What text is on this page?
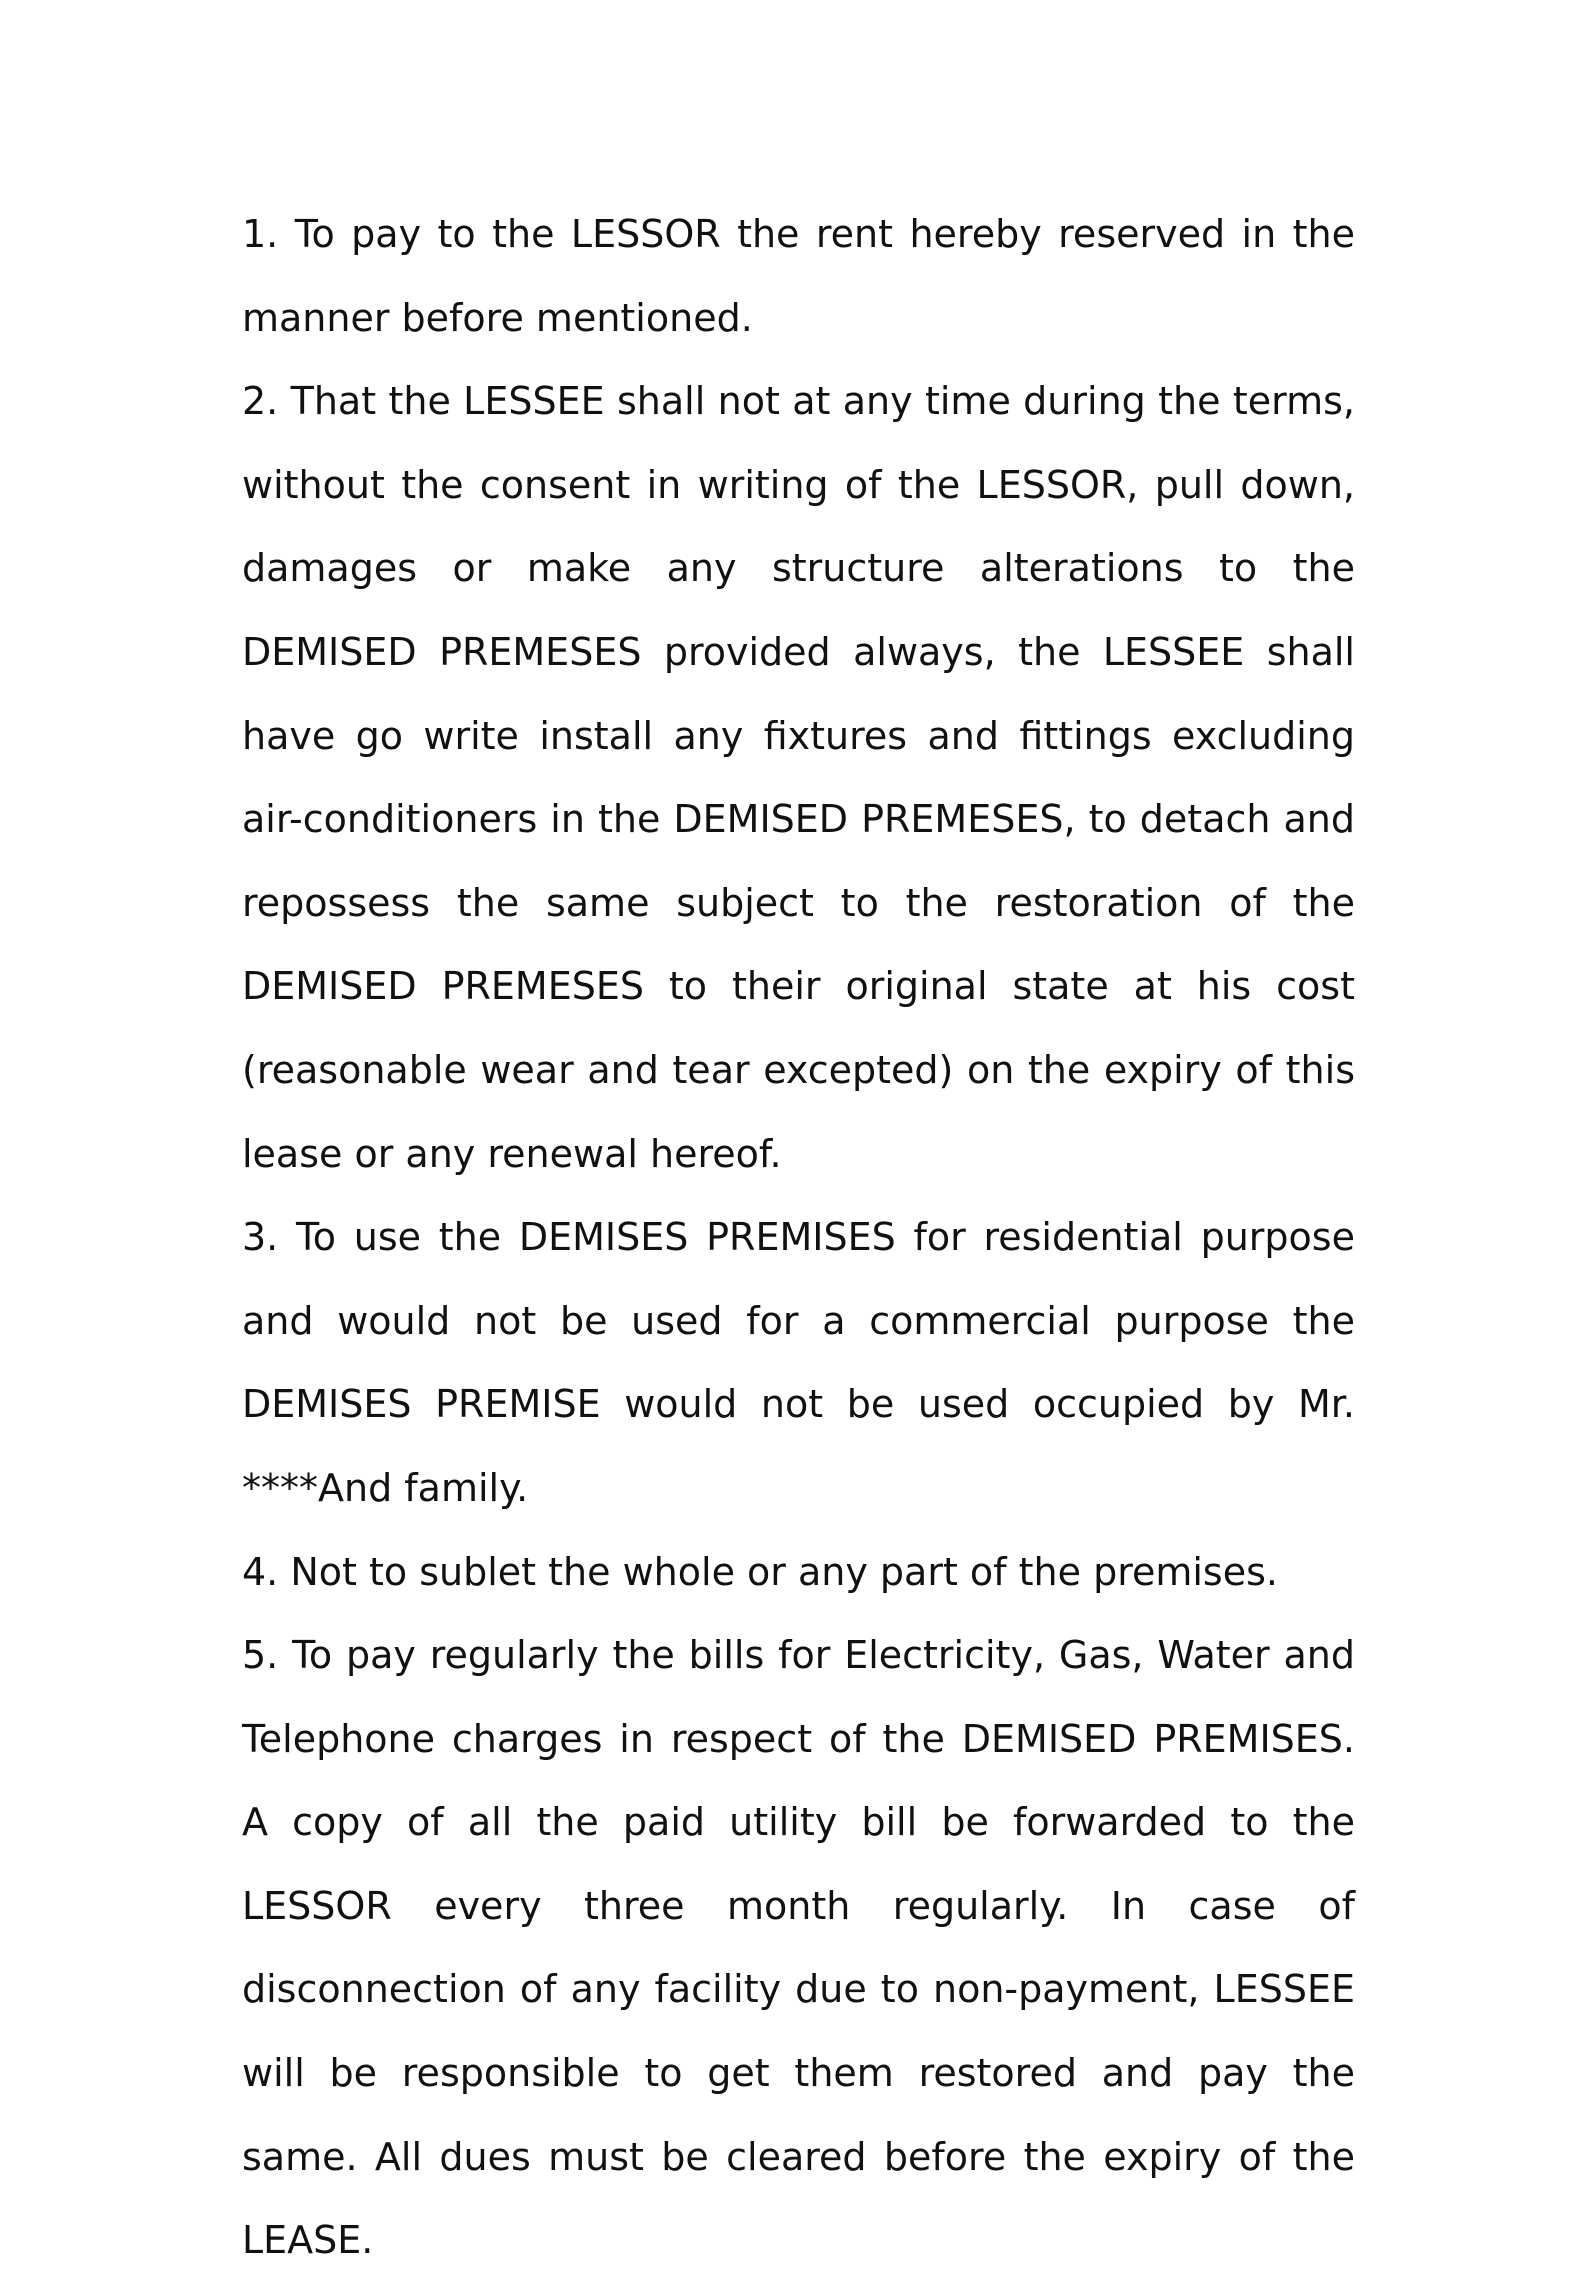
1. To pay to the LESSOR the rent hereby reserved in the manner before mentioned.

2. That the LESSEE shall not at any time during the terms, without the consent in writing of the LESSOR, pull down, damages or make any structure alterations to the DEMISED PREMESES provided always, the LESSEE shall have go write install any fixtures and fittings excluding air-conditioners in the DEMISED PREMESES, to detach and repossess the same subject to the restoration of the DEMISED PREMESES to their original state at his cost (reasonable wear and tear excepted) on the expiry of this lease or any renewal hereof.

3. To use the DEMISES PREMISES for residential purpose and would not be used for a commercial purpose the DEMISES PREMISE would not be used occupied by Mr. ****And family.

4. Not to sublet the whole or any part of the premises.

5. To pay regularly the bills for Electricity, Gas, Water and Telephone charges in respect of the DEMISED PREMISES. A copy of all the paid utility bill be forwarded to the LESSOR every three month regularly. In case of disconnection of any facility due to non-payment, LESSEE will be responsible to get them restored and pay the same. All dues must be cleared before the expiry of the LEASE.
